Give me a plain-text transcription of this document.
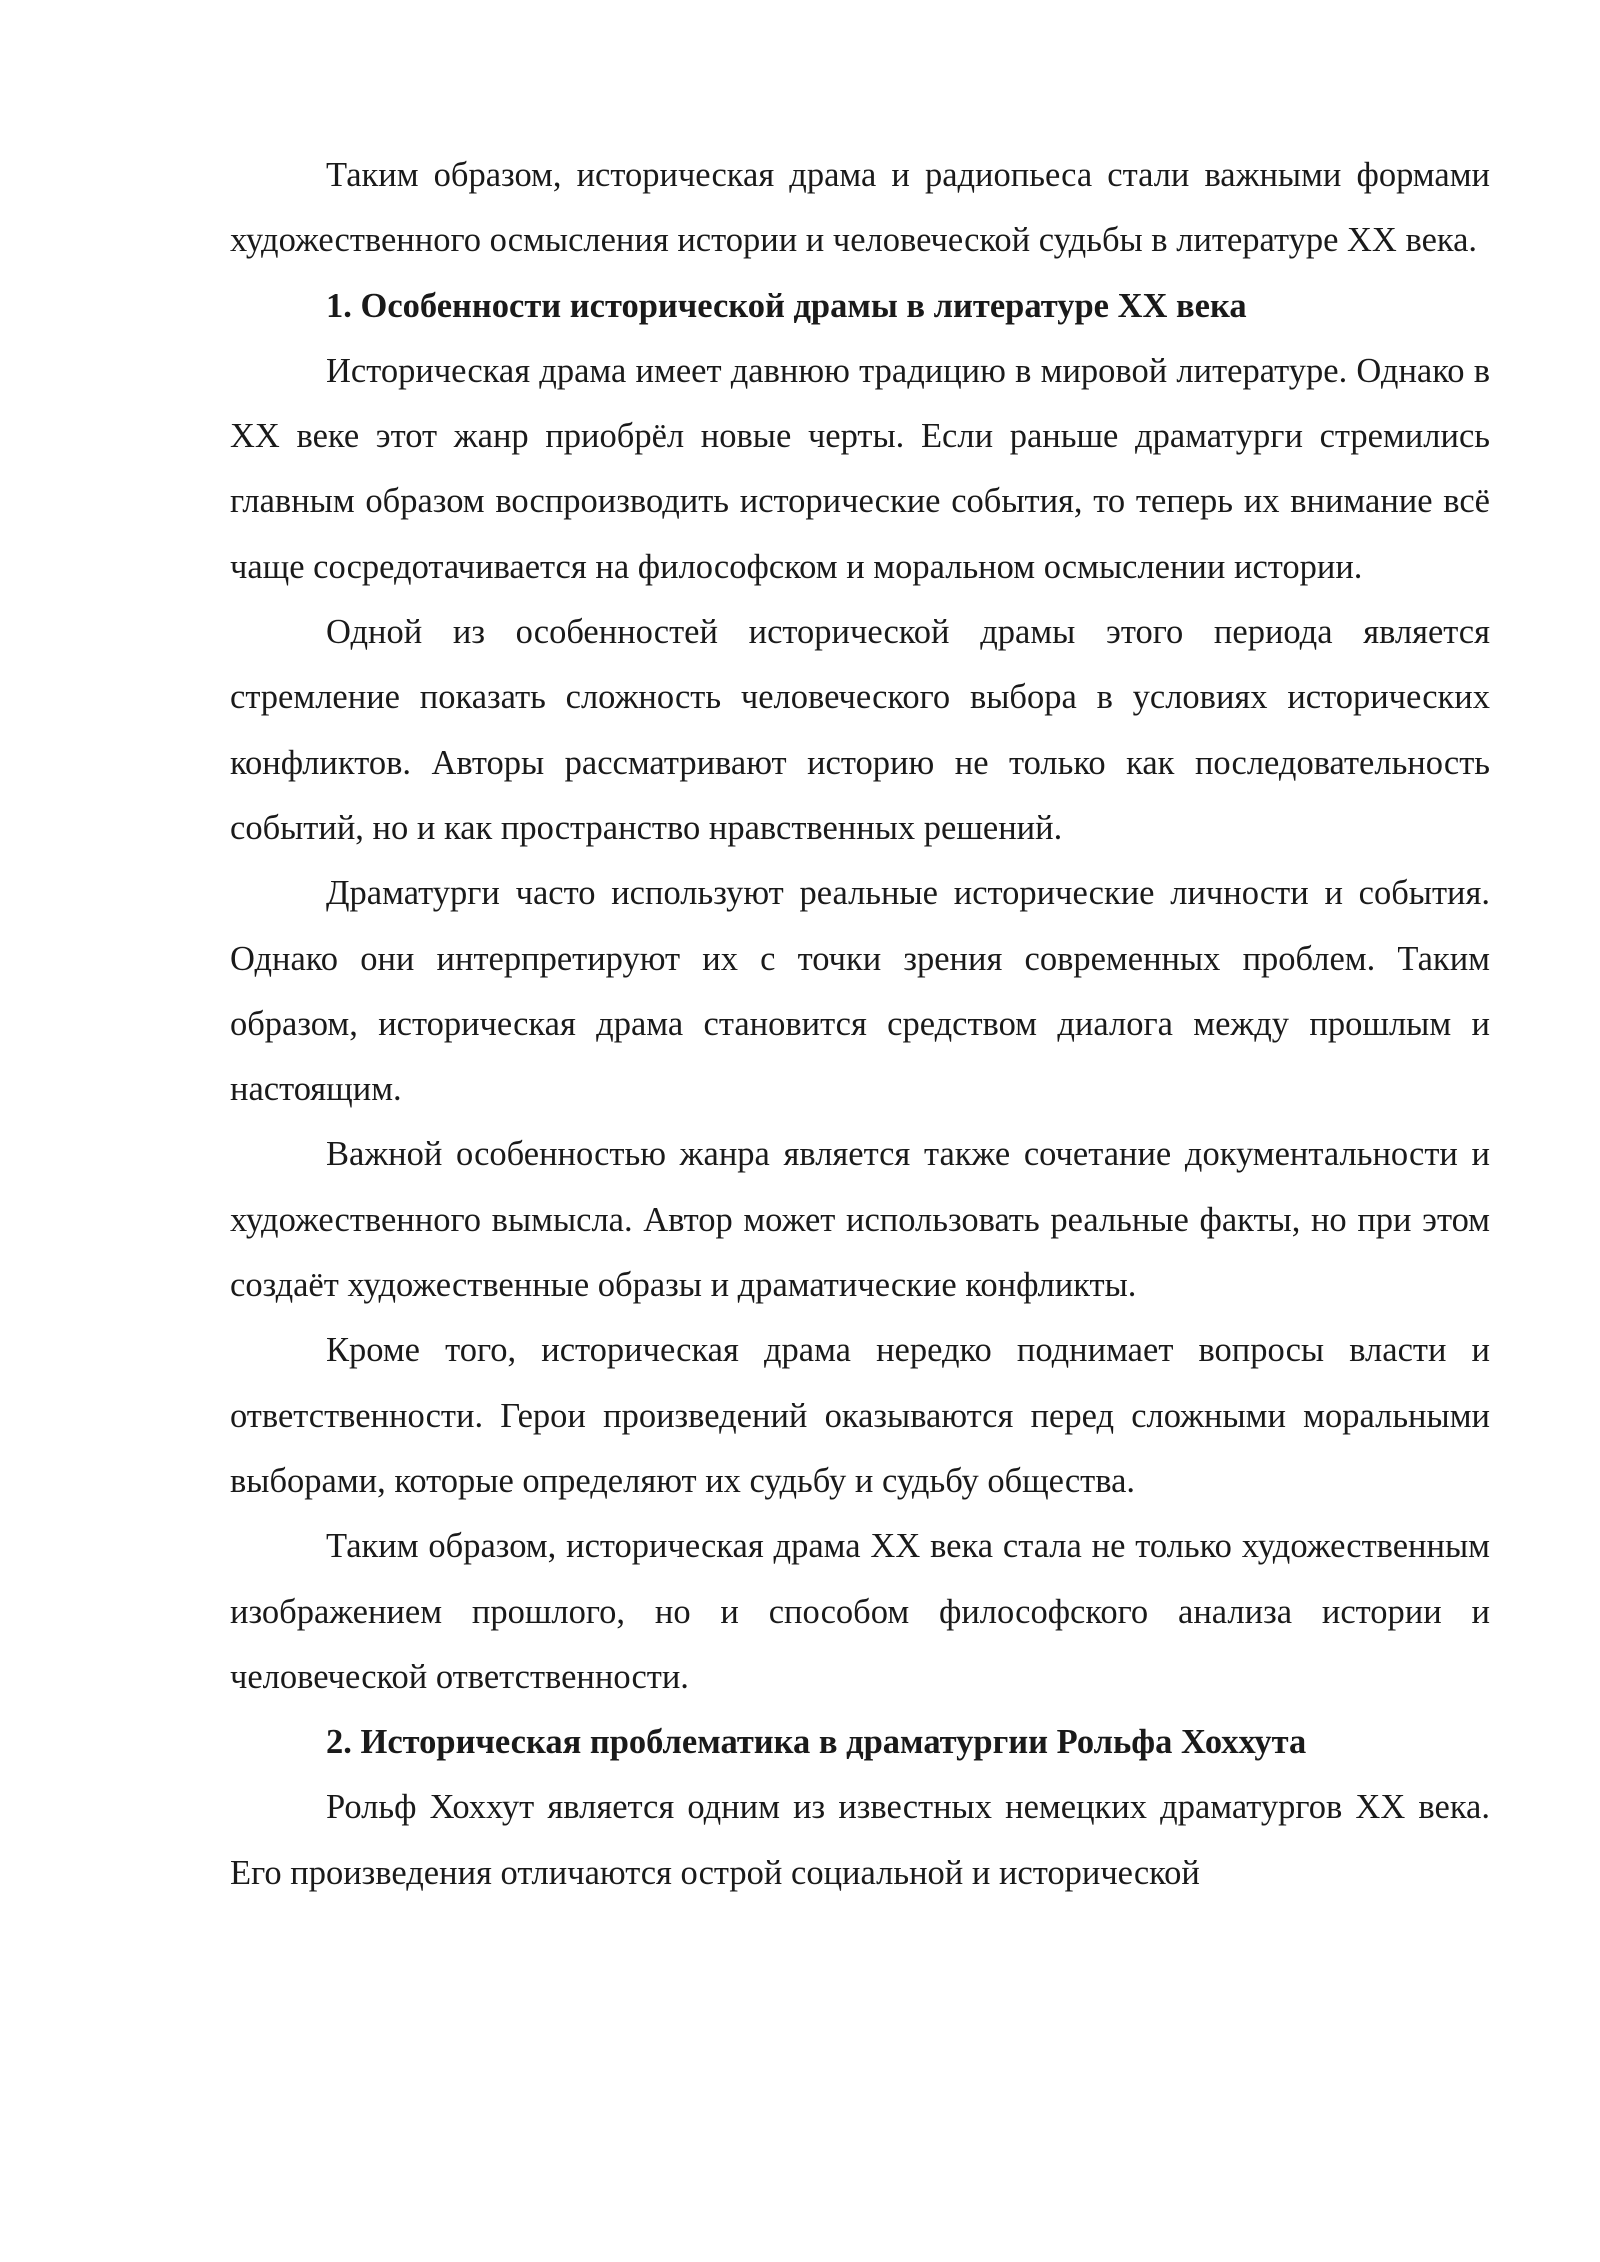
Таким образом, историческая драма и радиопьеса стали важными формами художественного осмысления истории и человеческой судьбы в литературе XX века.

1. Особенности исторической драмы в литературе XX века

Историческая драма имеет давнюю традицию в мировой литературе. Однако в XX веке этот жанр приобрёл новые черты. Если раньше драматурги стремились главным образом воспроизводить исторические события, то теперь их внимание всё чаще сосредотачивается на философском и моральном осмыслении истории.

Одной из особенностей исторической драмы этого периода является стремление показать сложность человеческого выбора в условиях исторических конфликтов. Авторы рассматривают историю не только как последовательность событий, но и как пространство нравственных решений.

Драматурги часто используют реальные исторические личности и события. Однако они интерпретируют их с точки зрения современных проблем. Таким образом, историческая драма становится средством диалога между прошлым и настоящим.

Важной особенностью жанра является также сочетание документальности и художественного вымысла. Автор может использовать реальные факты, но при этом создаёт художественные образы и драматические конфликты.

Кроме того, историческая драма нередко поднимает вопросы власти и ответственности. Герои произведений оказываются перед сложными моральными выборами, которые определяют их судьбу и судьбу общества.

Таким образом, историческая драма XX века стала не только художественным изображением прошлого, но и способом философского анализа истории и человеческой ответственности.

2. Историческая проблематика в драматургии Рольфа Хоххута

Рольф Хоххут является одним из известных немецких драматургов XX века. Его произведения отличаются острой социальной и исторической
